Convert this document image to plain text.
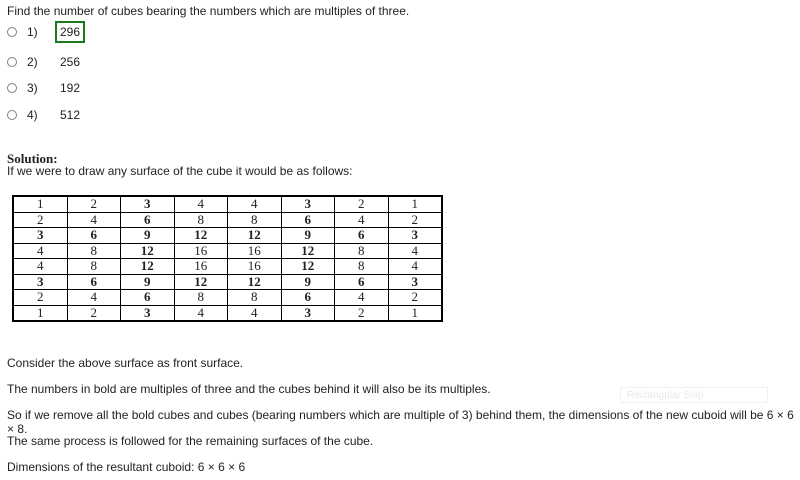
Find the number of cubes bearing the numbers which are multiples of three.
1)	296
2)	256
3)	192
4)	512
Solution:
If we were to draw any surface of the cube it would be as follows:
1	2	3	4	4	3	2	1
2	4	6	8	8	6	4	2
3	6	9	12	12	9	6	3
4	8	12	16	16	12	8	4
4	8	12	16	16	12	8	4
3	6	9	12	12	9	6	3
2	4	6	8	8	6	4	2
1	2	3	4	4	3	2	1
Consider the above surface as front surface.
The numbers in bold are multiples of three and the cubes behind it will also be its multiples.
So if we remove all the bold cubes and cubes (bearing numbers which are multiple of 3) behind them, the dimensions of the new cuboid will be 6 × 6 × 8.
The same process is followed for the remaining surfaces of the cube.
Dimensions of the resultant cuboid: 6 × 6 × 6
Rectangular Snip
